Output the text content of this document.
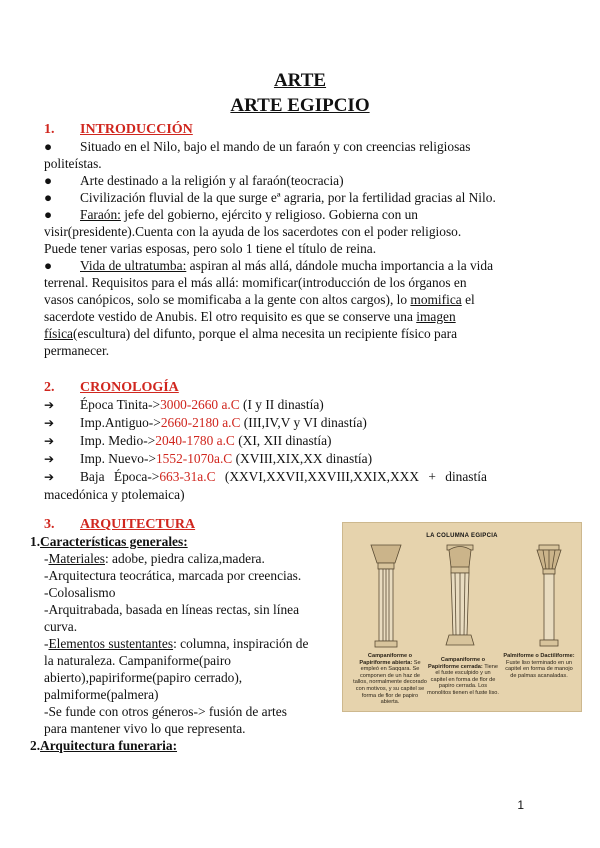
ARTE
ARTE EGIPCIO
1. INTRODUCCIÓN
● Situado en el Nilo, bajo el mando de un faraón y con creencias religiosas
politeístas.
● Arte destinado a la religión y al faraón(teocracia)
● Civilización fluvial de la que surge eª agraria, por la fertilidad gracias al Nilo.
● Faraón: jefe del gobierno, ejército y religioso. Gobierna con un
visir(presidente).Cuenta con la ayuda de los sacerdotes con el poder religioso.
Puede tener varias esposas, pero solo 1 tiene el título de reina.
● Vida de ultratumba: aspiran al más allá, dándole mucha importancia a la vida
terrenal. Requisitos para el más allá: momificar(introducción de los órganos en
vasos canópicos, solo se momificaba a la gente con altos cargos), lo momifica el
sacerdote vestido de Anubis. El otro requisito es que se conserve una imagen
física(escultura) del difunto, porque el alma necesita un recipiente físico para
permanecer.
2. CRONOLOGÍA
➔ Época Tinita->3000-2660 a.C (I y II dinastía)
➔ Imp.Antiguo->2660-2180 a.C (III,IV,V y VI dinastía)
➔ Imp. Medio->2040-1780 a.C (XI, XII dinastía)
➔ Imp. Nuevo->1552-1070a.C (XVIII,XIX,XX dinastía)
➔ Baja Época->663-31a.C (XXVI,XXVII,XXVIII,XXIX,XXX + dinastía
macedónica y ptolemaica)
3. ARQUITECTURA
1.Características generales:
-Materiales: adobe, piedra caliza,madera.
-Arquitectura teocrática, marcada por creencias.
-Colosalismo
-Arquitrabada, basada en líneas rectas, sin línea
curva.
-Elementos sustentantes: columna, inspiración de
la naturaleza. Campaniforme(pairo
abierto),papiriforme(papiro cerrado),
palmiforme(palmera)
-Se funde con otros géneros-> fusión de artes
para mantener vivo lo que representa.
2.Arquitectura funeraria:
LA COLUMNA EGIPCIA
Campaniforme o Papiriforme abierta: Se empleó en Saqqara. Se componen de un haz de tallos, normalmente decorado con motivos, y su capitel se forma de flor de papiro abierta.
Campaniforme o Papiriforme cerrada: Tiene el fuste esculpido y un capitel en forma de flor de papiro cerrada. Los monolitos tienen el fuste liso.
Palmiforme o Dactiliforme: Fuste liso terminado en un capitel en forma de manojo de palmas acanaladas.
1
